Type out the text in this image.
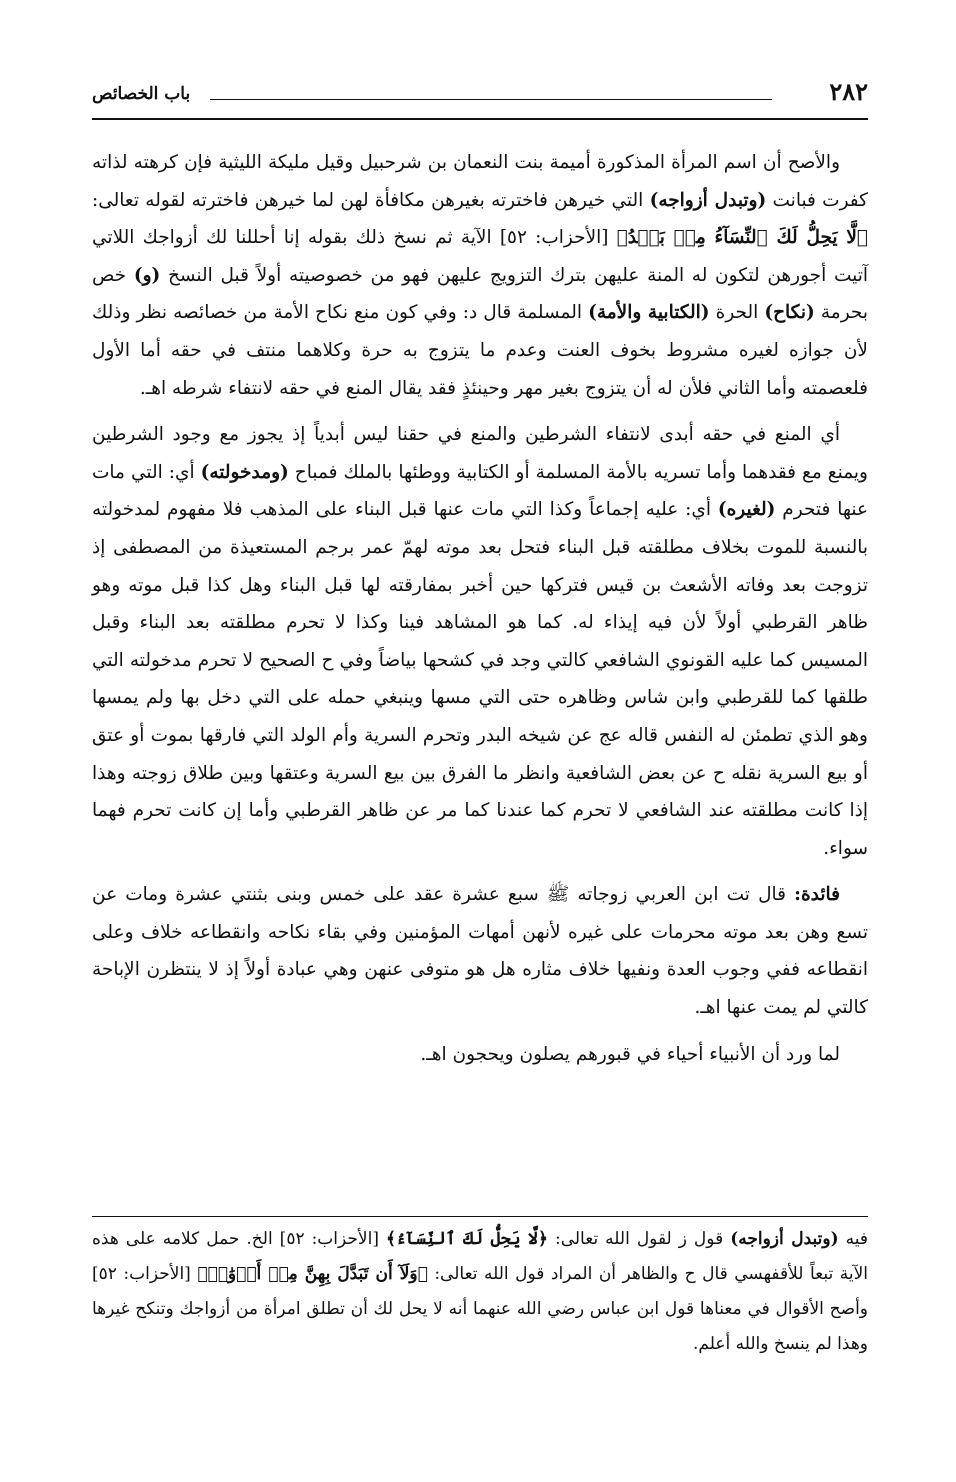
٢٨٢
باب الخصائص

والأصح أن اسم المرأة المذكورة أميمة بنت النعمان بن شرحبيل وقيل مليكة الليثية فإن كرهته لذاته كفرت فبانت (وتبدل أزواجه) التي خيرهن فاخترته بغيرهن مكافأة لهن لما خيرهن فاخترته لقوله تعالى: ﴿لَّا يَحِلُّ لَكَ ٱلنِّسَآءُ مِنۢ بَعۡدُ﴾ [الأحزاب: ٥٢] الآية ثم نسخ ذلك بقوله إنا أحللنا لك أزواجك اللاتي آتيت أجورهن لتكون له المنة عليهن بترك التزويج عليهن فهو من خصوصيته أولاً قبل النسخ (و) خص بحرمة (نكاح) الحرة (الكتابية والأمة) المسلمة قال د: وفي كون منع نكاح الأمة من خصائصه نظر وذلك لأن جوازه لغيره مشروط بخوف العنت وعدم ما يتزوج به حرة وكلاهما منتف في حقه أما الأول فلعصمته وأما الثاني فلأن له أن يتزوج بغير مهر وحينئذٍ فقد يقال المنع في حقه لانتفاء شرطه اهـ.

أي المنع في حقه أبدى لانتفاء الشرطين والمنع في حقنا ليس أبدياً إذ يجوز مع وجود الشرطين ويمنع مع فقدهما وأما تسريه بالأمة المسلمة أو الكتابية ووطئها بالملك فمباح (ومدخولته) أي: التي مات عنها فتحرم (لغيره) أي: عليه إجماعاً وكذا التي مات عنها قبل البناء على المذهب فلا مفهوم لمدخولته بالنسبة للموت بخلاف مطلقته قبل البناء فتحل بعد موته لهمّ عمر برجم المستعيذة من المصطفى إذ تزوجت بعد وفاته الأشعث بن قيس فتركها حين أخبر بمفارقته لها قبل البناء وهل كذا قبل موته وهو ظاهر القرطبي أولاً لأن فيه إيذاء له. كما هو المشاهد فينا وكذا لا تحرم مطلقته بعد البناء وقبل المسيس كما عليه القونوي الشافعي كالتي وجد في كشحها بياضاً وفي ح الصحيح لا تحرم مدخولته التي طلقها كما للقرطبي وابن شاس وظاهره حتى التي مسها وينبغي حمله على التي دخل بها ولم يمسها وهو الذي تطمئن له النفس قاله عج عن شيخه البدر وتحرم السرية وأم الولد التي فارقها بموت أو عتق أو بيع السرية نقله ح عن بعض الشافعية وانظر ما الفرق بين بيع السرية وعتقها وبين طلاق زوجته وهذا إذا كانت مطلقته عند الشافعي لا تحرم كما عندنا كما مر عن ظاهر القرطبي وأما إن كانت تحرم فهما سواء.

فائدة: قال تت ابن العربي زوجاته ﷺ سبع عشرة عقد على خمس وبنى بثنتي عشرة ومات عن تسع وهن بعد موته محرمات على غيره لأنهن أمهات المؤمنين وفي بقاء نكاحه وانقطاعه خلاف وعلى انقطاعه ففي وجوب العدة ونفيها خلاف مثاره هل هو متوفى عنهن وهي عبادة أولاً إذ لا ينتظرن الإباحة كالتي لم يمت عنها اهـ.

لما ورد أن الأنبياء أحياء في قبورهم يصلون ويحجون اهـ.

فيه (وتبدل أزواجه) قول ز لقول الله تعالى: ﴿لَّا يَحِلُّ لَكَ ٱلنِّسَآءُ﴾ [الأحزاب: ٥٢] الخ. حمل كلامه على هذه الآية تبعاً للأقفهسي قال ح والظاهر أن المراد قول الله تعالى: ﴿وَلَآ أَن تَبَدَّلَ بِهِنَّ مِنۡ أَزۡوَٰجٖ﴾ [الأحزاب: ٥٢] وأصح الأقوال في معناها قول ابن عباس رضي الله عنهما أنه لا يحل لك أن تطلق امرأة من أزواجك وتنكح غيرها وهذا لم ينسخ والله أعلم.
